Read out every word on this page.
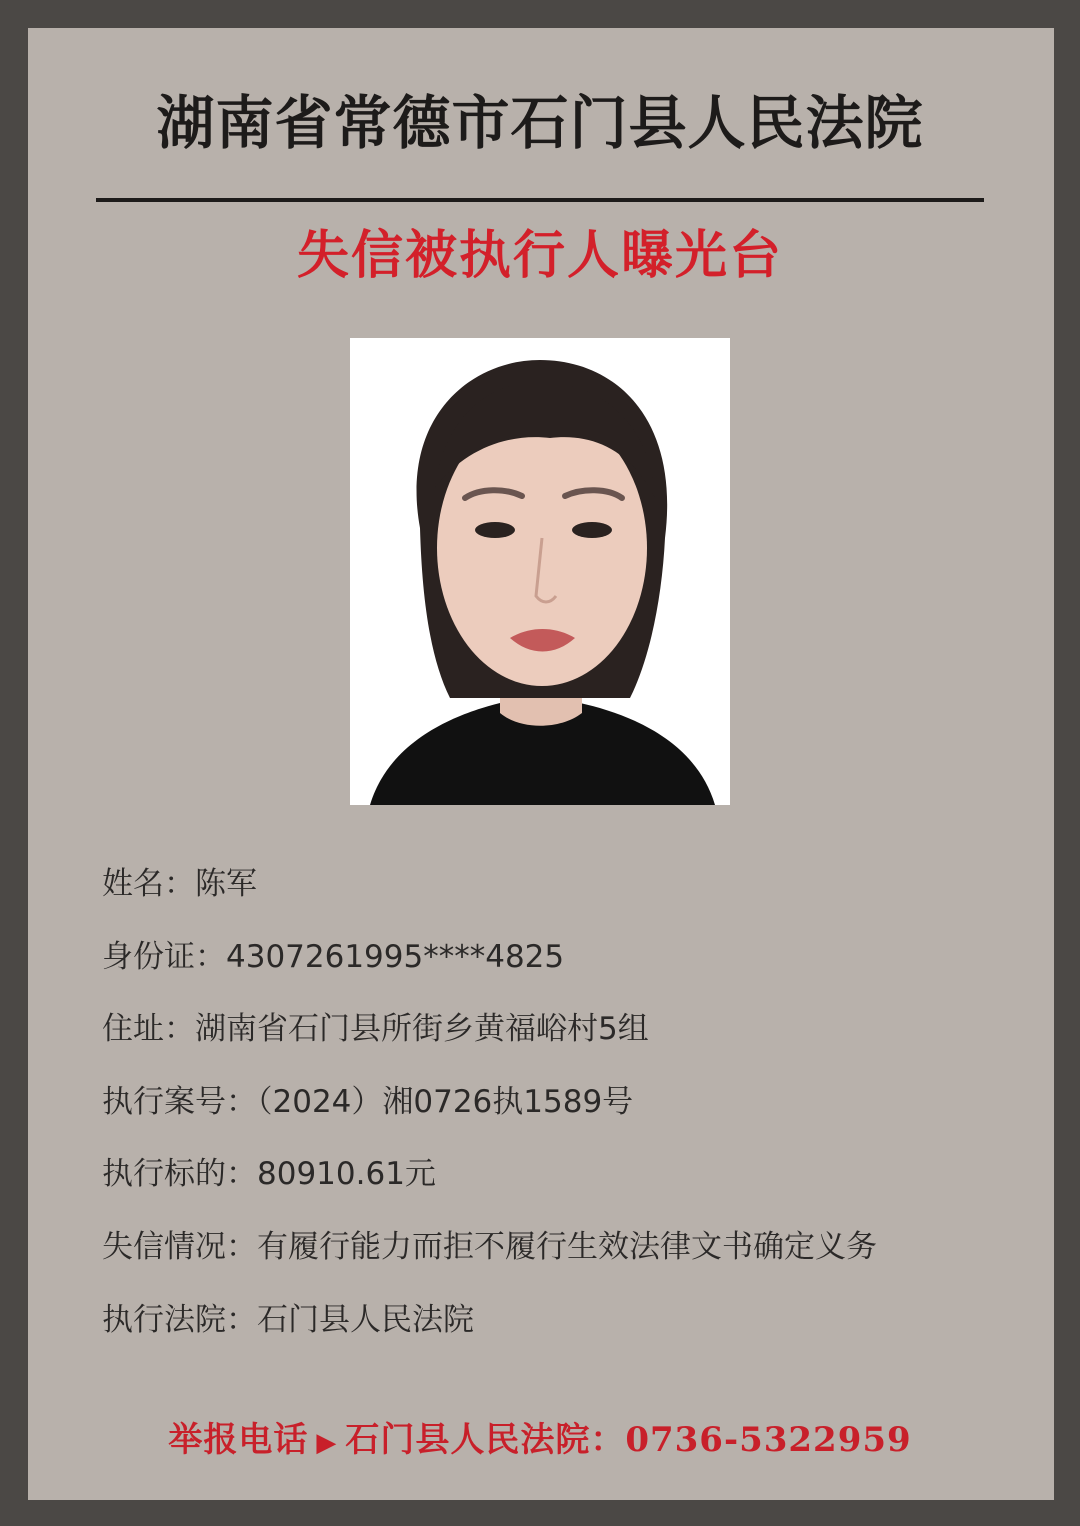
湖南省常德市石门县人民法院
失信被执行人曝光台
姓名：陈军
身份证：4307261995****4825
住址：湖南省石门县所街乡黄福峪村5组
执行案号：（2024）湘0726执1589号
执行标的：80910.61元
失信情况：有履行能力而拒不履行生效法律文书确定义务
执行法院：石门县人民法院
举报电话 ▶ 石门县人民法院：0736-5322959
